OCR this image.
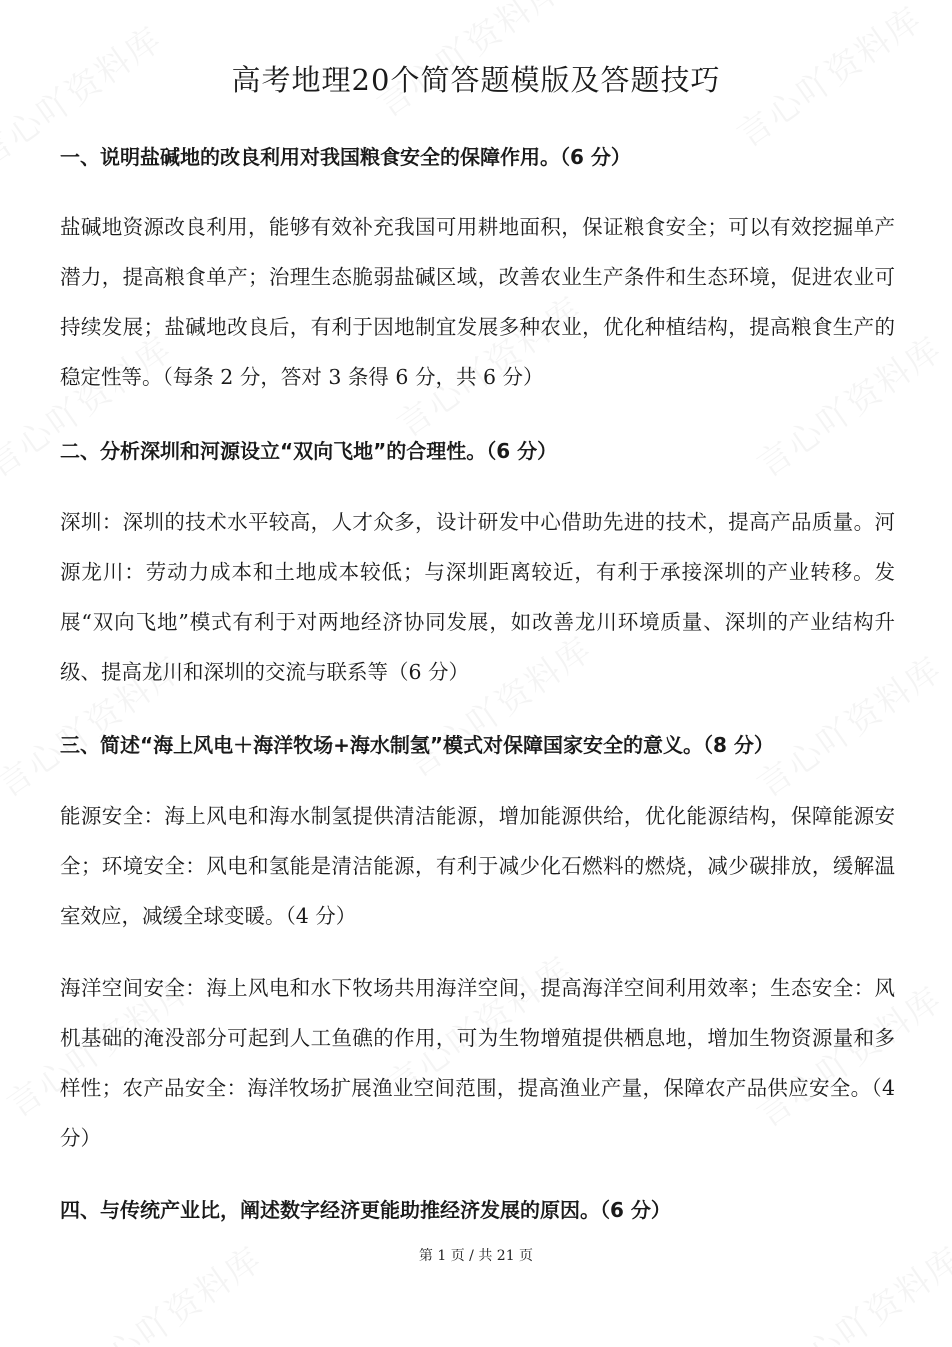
高考地理20个简答题模版及答题技巧
一、说明盐碱地的改良利用对我国粮食安全的保障作用。（6 分）
盐碱地资源改良利用，能够有效补充我国可用耕地面积，保证粮食安全；可以有效挖掘单产潜力，提高粮食单产；治理生态脆弱盐碱区域，改善农业生产条件和生态环境，促进农业可持续发展；盐碱地改良后，有利于因地制宜发展多种农业，优化种植结构，提高粮食生产的稳定性等。（每条 2 分，答对 3 条得 6 分，共 6 分）
二、分析深圳和河源设立“双向飞地”的合理性。（6 分）
深圳：深圳的技术水平较高，人才众多，设计研发中心借助先进的技术，提高产品质量。河源龙川：劳动力成本和土地成本较低；与深圳距离较近，有利于承接深圳的产业转移。发展“双向飞地”模式有利于对两地经济协同发展，如改善龙川环境质量、深圳的产业结构升级、提高龙川和深圳的交流与联系等（6 分）
三、简述“海上风电＋海洋牧场+海水制氢”模式对保障国家安全的意义。（8 分）
能源安全：海上风电和海水制氢提供清洁能源，增加能源供给，优化能源结构，保障能源安全；环境安全：风电和氢能是清洁能源，有利于减少化石燃料的燃烧，减少碳排放，缓解温室效应，减缓全球变暖。（4 分）
海洋空间安全：海上风电和水下牧场共用海洋空间，提高海洋空间利用效率；生态安全：风机基础的淹没部分可起到人工鱼礁的作用，可为生物增殖提供栖息地，增加生物资源量和多样性；农产品安全：海洋牧场扩展渔业空间范围，提高渔业产量，保障农产品供应安全。（4 分）
四、与传统产业比，阐述数字经济更能助推经济发展的原因。（6 分）
第 1 页 / 共 21 页
